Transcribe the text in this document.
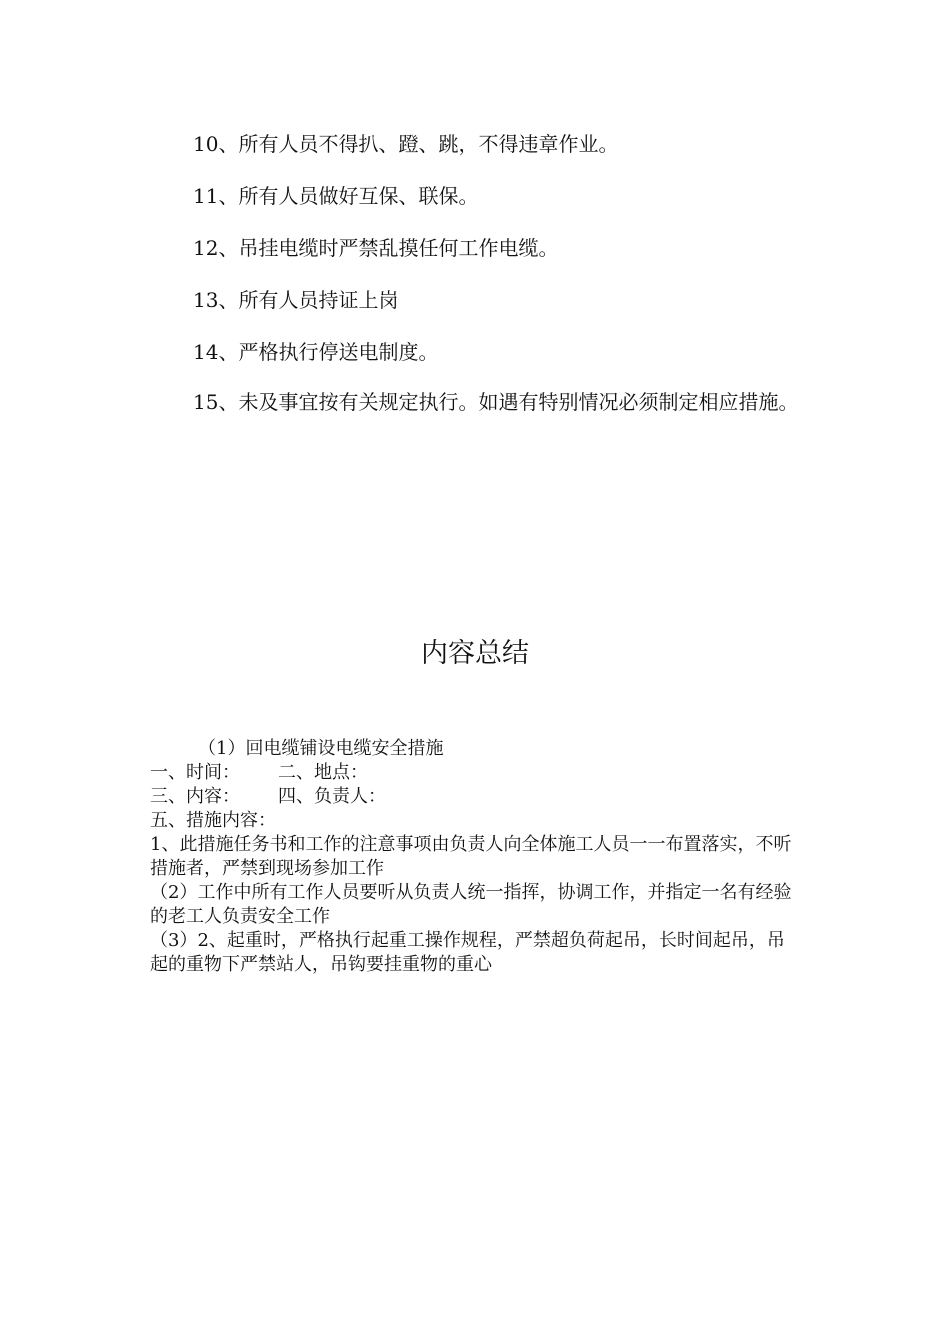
10、所有人员不得扒、蹬、跳，不得违章作业。

11、所有人员做好互保、联保。

12、吊挂电缆时严禁乱摸任何工作电缆。

13、所有人员持证上岗

14、严格执行停送电制度。

15、未及事宜按有关规定执行。如遇有特别情况必须制定相应措施。

内容总结

（1）回电缆铺设电缆安全措施

一、时间： 二、地点：

三、内容： 四、负责人：

五、措施内容：

1、此措施任务书和工作的注意事项由负责人向全体施工人员一一布置落实，不听措施者，严禁到现场参加工作

（2）工作中所有工作人员要听从负责人统一指挥，协调工作，并指定一名有经验的老工人负责安全工作

（3）2、起重时，严格执行起重工操作规程，严禁超负荷起吊，长时间起吊，吊起的重物下严禁站人，吊钩要挂重物的重心
